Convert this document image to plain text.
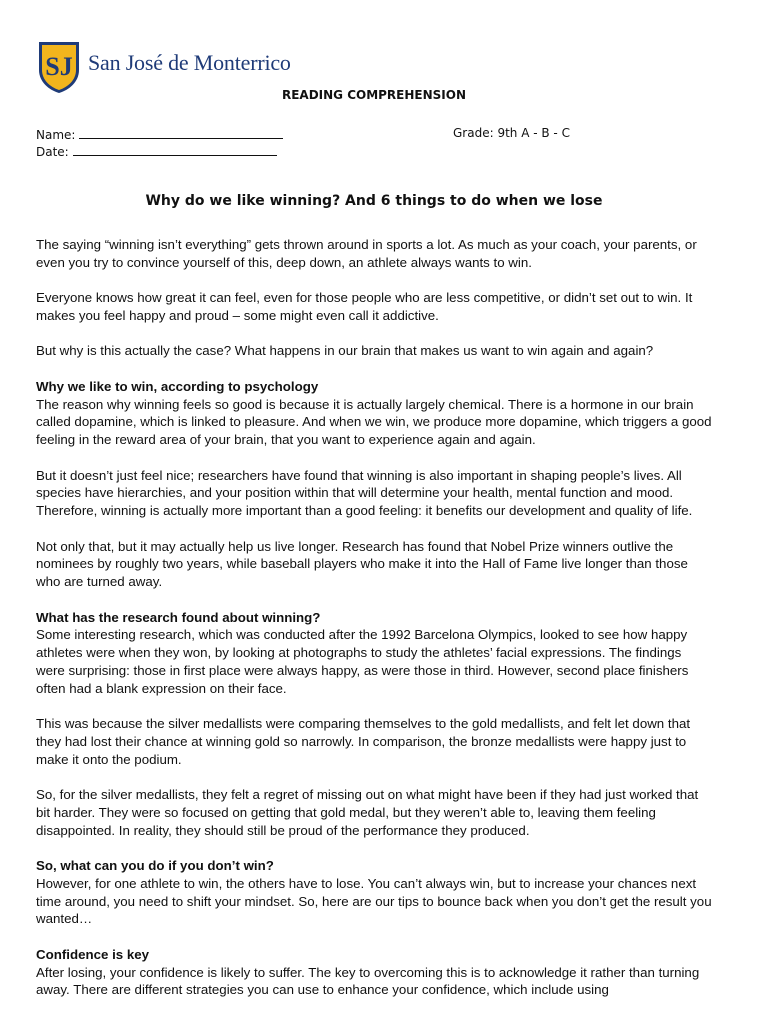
SJ San José de Monterrico
READING COMPREHENSION
Name:
Date:
Grade: 9th A - B - C
Why do we like winning? And 6 things to do when we lose

The saying “winning isn’t everything” gets thrown around in sports a lot. As much as your coach, your parents, or even you try to convince yourself of this, deep down, an athlete always wants to win.

Everyone knows how great it can feel, even for those people who are less competitive, or didn’t set out to win. It makes you feel happy and proud – some might even call it addictive.

But why is this actually the case? What happens in our brain that makes us want to win again and again?

Why we like to win, according to psychology

The reason why winning feels so good is because it is actually largely chemical. There is a hormone in our brain called dopamine, which is linked to pleasure. And when we win, we produce more dopamine, which triggers a good feeling in the reward area of your brain, that you want to experience again and again.

But it doesn’t just feel nice; researchers have found that winning is also important in shaping people’s lives. All species have hierarchies, and your position within that will determine your health, mental function and mood. Therefore, winning is actually more important than a good feeling: it benefits our development and quality of life.

Not only that, but it may actually help us live longer. Research has found that Nobel Prize winners outlive the nominees by roughly two years, while baseball players who make it into the Hall of Fame live longer than those who are turned away.

What has the research found about winning?

Some interesting research, which was conducted after the 1992 Barcelona Olympics, looked to see how happy athletes were when they won, by looking at photographs to study the athletes’ facial expressions. The findings were surprising: those in first place were always happy, as were those in third. However, second place finishers often had a blank expression on their face.

This was because the silver medallists were comparing themselves to the gold medallists, and felt let down that they had lost their chance at winning gold so narrowly. In comparison, the bronze medallists were happy just to make it onto the podium.

So, for the silver medallists, they felt a regret of missing out on what might have been if they had just worked that bit harder. They were so focused on getting that gold medal, but they weren’t able to, leaving them feeling disappointed. In reality, they should still be proud of the performance they produced.

So, what can you do if you don’t win?

However, for one athlete to win, the others have to lose. You can’t always win, but to increase your chances next time around, you need to shift your mindset. So, here are our tips to bounce back when you don’t get the result you wanted…

Confidence is key

After losing, your confidence is likely to suffer. The key to overcoming this is to acknowledge it rather than turning away. There are different strategies you can use to enhance your confidence, which include using
